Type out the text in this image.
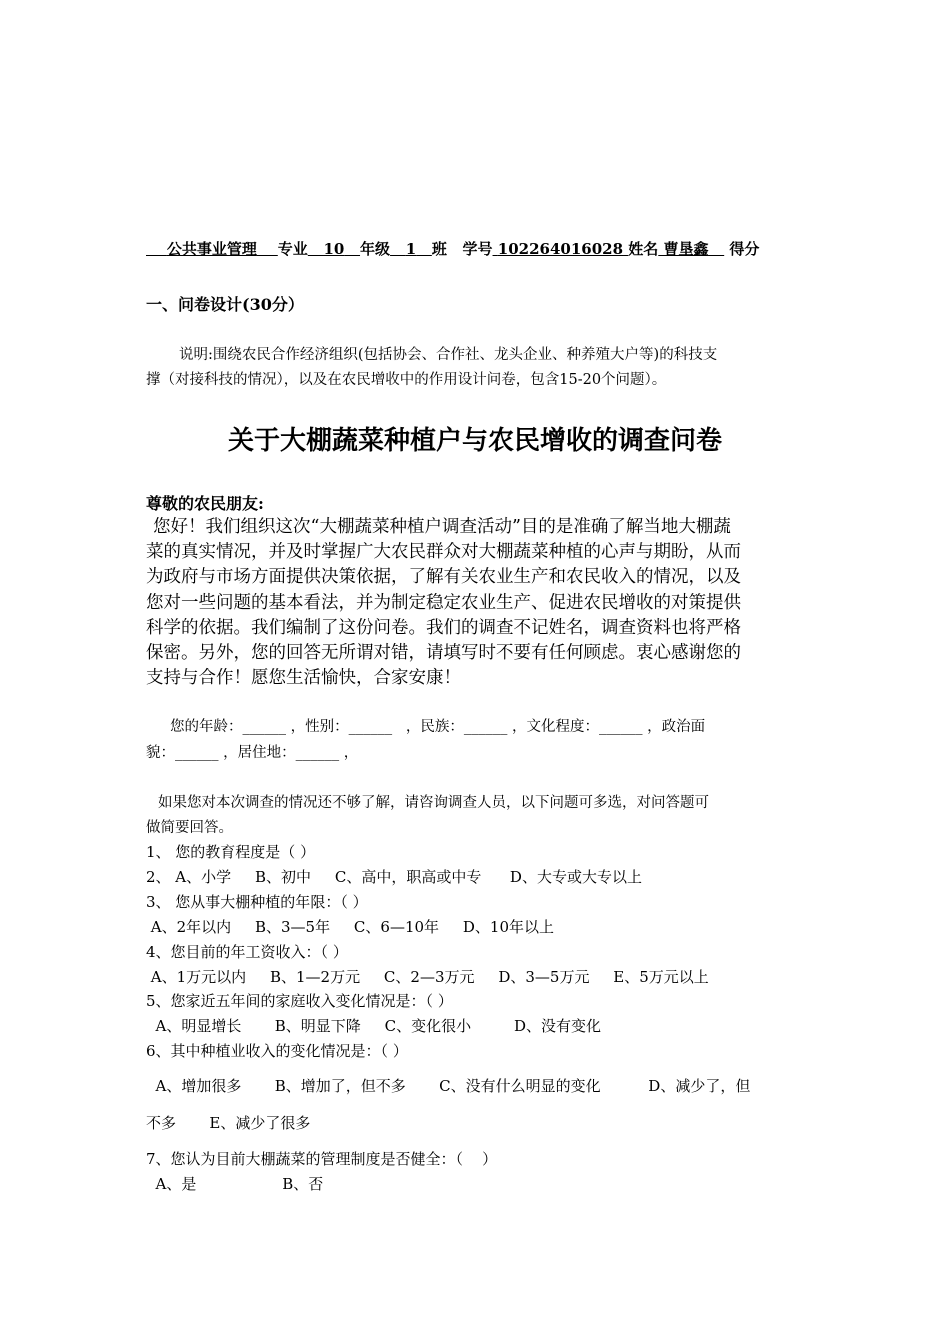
公共事业管理 专业 10 年级 1 班 学号 102264016028 姓名 曹垦鑫 得分
一、问卷设计(30分）
说明:围绕农民合作经济组织(包括协会、合作社、龙头企业、种养殖大户等)的科技支
撑（对接科技的情况），以及在农民增收中的作用设计问卷，包含15-20个问题）。
关于大棚蔬菜种植户与农民增收的调查问卷
尊敬的农民朋友:
您好！我们组织这次“大棚蔬菜种植户调查活动”目的是准确了解当地大棚蔬
菜的真实情况，并及时掌握广大农民群众对大棚蔬菜种植的心声与期盼，从而
为政府与市场方面提供决策依据，了解有关农业生产和农民收入的情况，以及
您对一些问题的基本看法，并为制定稳定农业生产、促进农民增收的对策提供
科学的依据。我们编制了这份问卷。我们的调查不记姓名，调查资料也将严格
保密。另外，您的回答无所谓对错，请填写时不要有任何顾虑。衷心感谢您的
支持与合作！愿您生活愉快，合家安康！
您的年龄：______ ，性别：______   ，民族：______ ，文化程度：______ ，政治面
貌：______ ，居住地：______ ，
如果您对本次调查的情况还不够了解，请咨询调查人员，以下问题可多选，对问答题可
做简要回答。
1、 您的教育程度是（ ）
2、 A、小学     B、初中     C、高中，职高或中专      D、大专或大专以上
3、 您从事大棚种植的年限：（ ）
A、2年以内     B、3—5年     C、6—10年     D、10年以上
4、您目前的年工资收入：（ ）
A、1万元以内     B、1—2万元     C、2—3万元     D、3—5万元     E、5万元以上
5、您家近五年间的家庭收入变化情况是：（ ）
A、明显增长       B、明显下降     C、变化很小         D、没有变化
6、其中种植业收入的变化情况是：（ ）
A、增加很多       B、增加了，但不多       C、没有什么明显的变化          D、减少了，但
不多       E、减少了很多
7、您认为目前大棚蔬菜的管理制度是否健全：（    ）
A、是                  B、否
